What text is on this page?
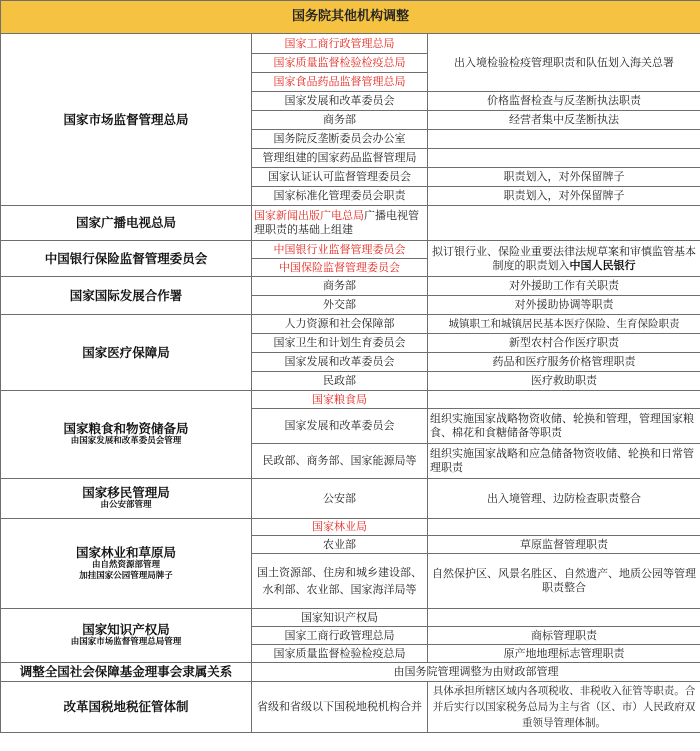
国务院其他机构调整		
国家市场监督管理总局	国家工商行政管理总局	出入境检验检疫管理职责和队伍划入海关总署
	国家质量监督检验检疫总局	
	国家食品药品监督管理总局	
	国家发展和改革委员会	价格监督检查与反垄断执法职责
	商务部	经营者集中反垄断执法
	国务院反垄断委员会办公室	
	管理组建的国家药品监督管理局	
	国家认证认可监督管理委员会	职责划入，对外保留牌子
	国家标准化管理委员会职责	职责划入，对外保留牌子
国家广播电视总局	国家新闻出版广电总局广播电视管理职责的基础上组建	
中国银行保险监督管理委员会	中国银行业监督管理委员会	拟订银行业、保险业重要法律法规草案和审慎监管基本制度的职责划入中国人民银行
	中国保险监督管理委员会	
国家国际发展合作署	商务部	对外援助工作有关职责
	外交部	对外援助协调等职责
国家医疗保障局	人力资源和社会保障部	城镇职工和城镇居民基本医疗保险、生育保险职责
	国家卫生和计划生育委员会	新型农村合作医疗职责
	国家发展和改革委员会	药品和医疗服务价格管理职责
	民政部	医疗救助职责
国家粮食和物资储备局
由国家发展和改革委员会管理	国家粮食局	
	国家发展和改革委员会	组织实施国家战略物资收储、轮换和管理，管理国家粮食、棉花和食糖储备等职责
	民政部、商务部、国家能源局等	组织实施国家战略和应急储备物资收储、轮换和日常管理职责
国家移民管理局
由公安部管理	公安部	出入境管理、边防检查职责整合
国家林业和草原局
由自然资源部管理
加挂国家公园管理局牌子	国家林业局	
	农业部	草原监督管理职责
	国土资源部、住房和城乡建设部、水利部、农业部、国家海洋局等	自然保护区、风景名胜区、自然遗产、地质公园等管理职责整合
国家知识产权局
由国家市场监督管理总局管理	国家知识产权局	
	国家工商行政管理总局	商标管理职责
	国家质量监督检验检疫总局	原产地地理标志管理职责
调整全国社会保障基金理事会隶属关系	由国务院管理调整为由财政部管理	
改革国税地税征管体制	省级和省级以下国税地税机构合并	具体承担所辖区域内各项税收、非税收入征管等职责。合并后实行以国家税务总局为主与省（区、市）人民政府双重领导管理体制。
